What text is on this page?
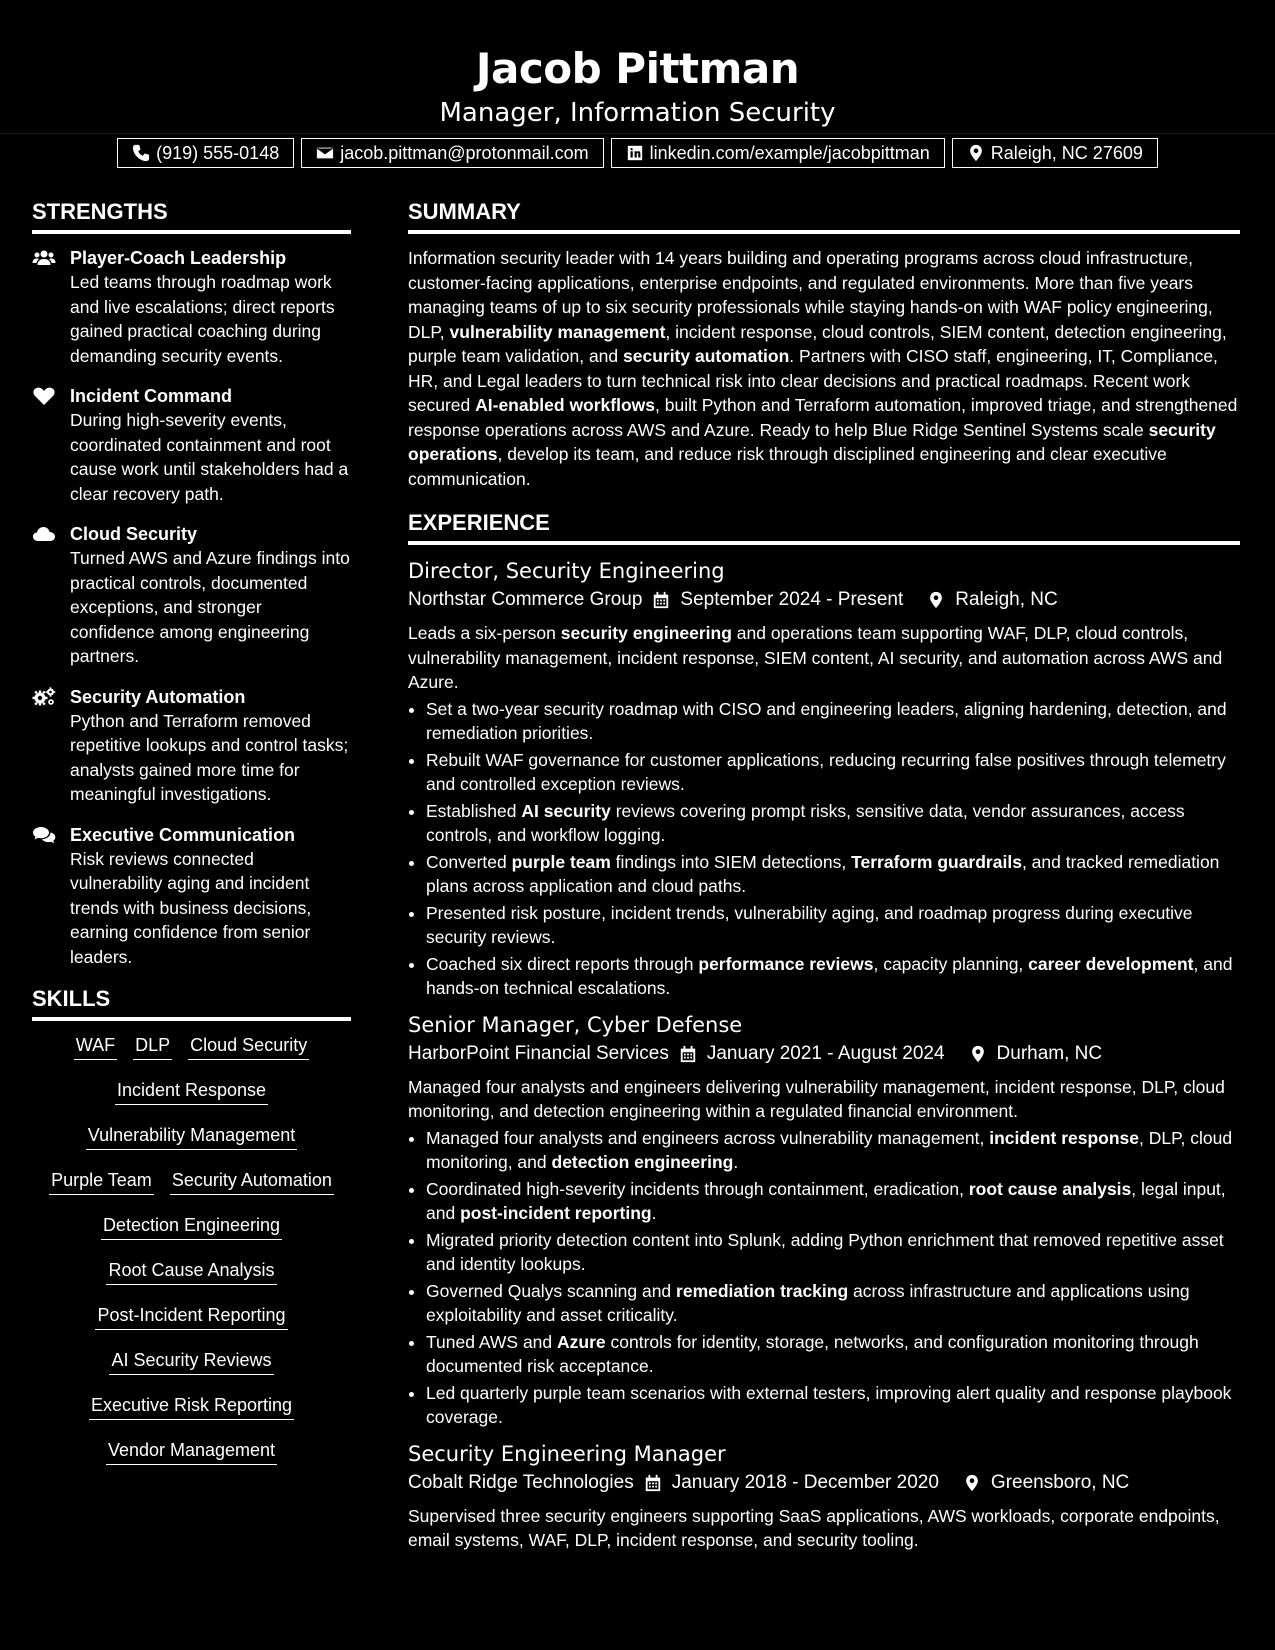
Jacob Pittman
Manager, Information Security
(919) 555-0148	jacob.pittman@protonmail.com	linkedin.com/example/jacobpittman	Raleigh, NC 27609
STRENGTHS
Player-Coach Leadership
Led teams through roadmap work and live escalations; direct reports gained practical coaching during demanding security events.
Incident Command
During high-severity events, coordinated containment and root cause work until stakeholders had a clear recovery path.
Cloud Security
Turned AWS and Azure findings into practical controls, documented exceptions, and stronger confidence among engineering partners.
Security Automation
Python and Terraform removed repetitive lookups and control tasks; analysts gained more time for meaningful investigations.
Executive Communication
Risk reviews connected vulnerability aging and incident trends with business decisions, earning confidence from senior leaders.
SKILLS
WAF DLP Cloud Security
Incident Response
Vulnerability Management
Purple Team Security Automation
Detection Engineering
Root Cause Analysis
Post-Incident Reporting
AI Security Reviews
Executive Risk Reporting
Vendor Management
SUMMARY
Information security leader with 14 years building and operating programs across cloud infrastructure, customer-facing applications, enterprise endpoints, and regulated environments. More than five years managing teams of up to six security professionals while staying hands-on with WAF policy engineering, DLP, vulnerability management, incident response, cloud controls, SIEM content, detection engineering, purple team validation, and security automation. Partners with CISO staff, engineering, IT, Compliance, HR, and Legal leaders to turn technical risk into clear decisions and practical roadmaps. Recent work secured AI-enabled workflows, built Python and Terraform automation, improved triage, and strengthened response operations across AWS and Azure. Ready to help Blue Ridge Sentinel Systems scale security operations, develop its team, and reduce risk through disciplined engineering and clear executive communication.
EXPERIENCE
Director, Security Engineering
Northstar Commerce Group September 2024 - Present	Raleigh, NC
Leads a six-person security engineering and operations team supporting WAF, DLP, cloud controls, vulnerability management, incident response, SIEM content, AI security, and automation across AWS and Azure.
• Set a two-year security roadmap with CISO and engineering leaders, aligning hardening, detection, and remediation priorities.
• Rebuilt WAF governance for customer applications, reducing recurring false positives through telemetry and controlled exception reviews.
• Established AI security reviews covering prompt risks, sensitive data, vendor assurances, access controls, and workflow logging.
• Converted purple team findings into SIEM detections, Terraform guardrails, and tracked remediation plans across application and cloud paths.
• Presented risk posture, incident trends, vulnerability aging, and roadmap progress during executive security reviews.
• Coached six direct reports through performance reviews, capacity planning, career development, and hands-on technical escalations.
Senior Manager, Cyber Defense
HarborPoint Financial Services January 2021 - August 2024	Durham, NC
Managed four analysts and engineers delivering vulnerability management, incident response, DLP, cloud monitoring, and detection engineering within a regulated financial environment.
• Managed four analysts and engineers across vulnerability management, incident response, DLP, cloud monitoring, and detection engineering.
• Coordinated high-severity incidents through containment, eradication, root cause analysis, legal input, and post-incident reporting.
• Migrated priority detection content into Splunk, adding Python enrichment that removed repetitive asset and identity lookups.
• Governed Qualys scanning and remediation tracking across infrastructure and applications using exploitability and asset criticality.
• Tuned AWS and Azure controls for identity, storage, networks, and configuration monitoring through documented risk acceptance.
• Led quarterly purple team scenarios with external testers, improving alert quality and response playbook coverage.
Security Engineering Manager
Cobalt Ridge Technologies January 2018 - December 2020	Greensboro, NC
Supervised three security engineers supporting SaaS applications, AWS workloads, corporate endpoints, email systems, WAF, DLP, incident response, and security tooling.
